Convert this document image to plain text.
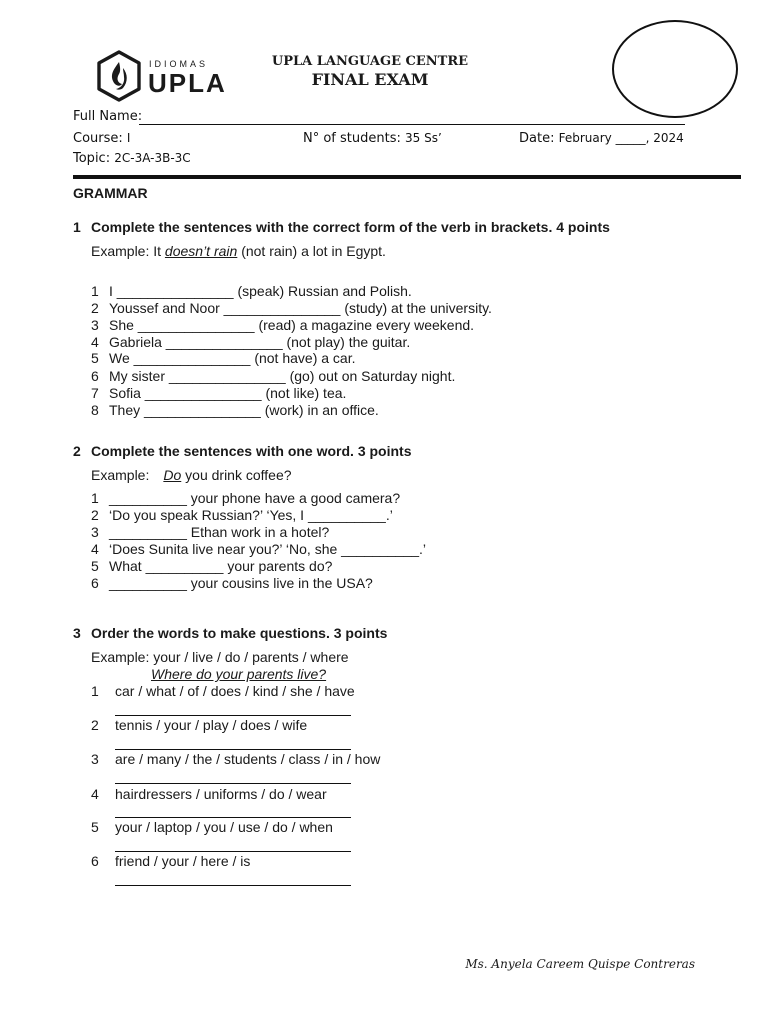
IDIOMAS
UPLA
UPLA LANGUAGE CENTRE
FINAL EXAM
Full Name:
Course: I	N° of students: 35 Ss’	Date: February _____, 2024
Topic: 2C-3A-3B-3C
GRAMMAR
1 Complete the sentences with the correct form of the verb in brackets. 4 points
Example: It doesn’t rain (not rain) a lot in Egypt.
1 I _______________ (speak) Russian and Polish.
2 Youssef and Noor _______________ (study) at the university.
3 She _______________ (read) a magazine every weekend.
4 Gabriela _______________ (not play) the guitar.
5 We _______________ (not have) a car.
6 My sister _______________ (go) out on Saturday night.
7 Sofia _______________ (not like) tea.
8 They _______________ (work) in an office.
2 Complete the sentences with one word. 3 points
Example: Do you drink coffee?
1 __________ your phone have a good camera?
2 ‘Do you speak Russian?’ ‘Yes, I __________.’
3 __________ Ethan work in a hotel?
4 ‘Does Sunita live near you?’ ‘No, she __________.’
5 What __________ your parents do?
6 __________ your cousins live in the USA?
3 Order the words to make questions. 3 points
Example: your / live / do / parents / where
Where do your parents live?
1 car / what / of / does / kind / she / have
2 tennis / your / play / does / wife
3 are / many / the / students / class / in / how
4 hairdressers / uniforms / do / wear
5 your / laptop / you / use / do / when
6 friend / your / here / is
Ms. Anyela Careem Quispe Contreras
